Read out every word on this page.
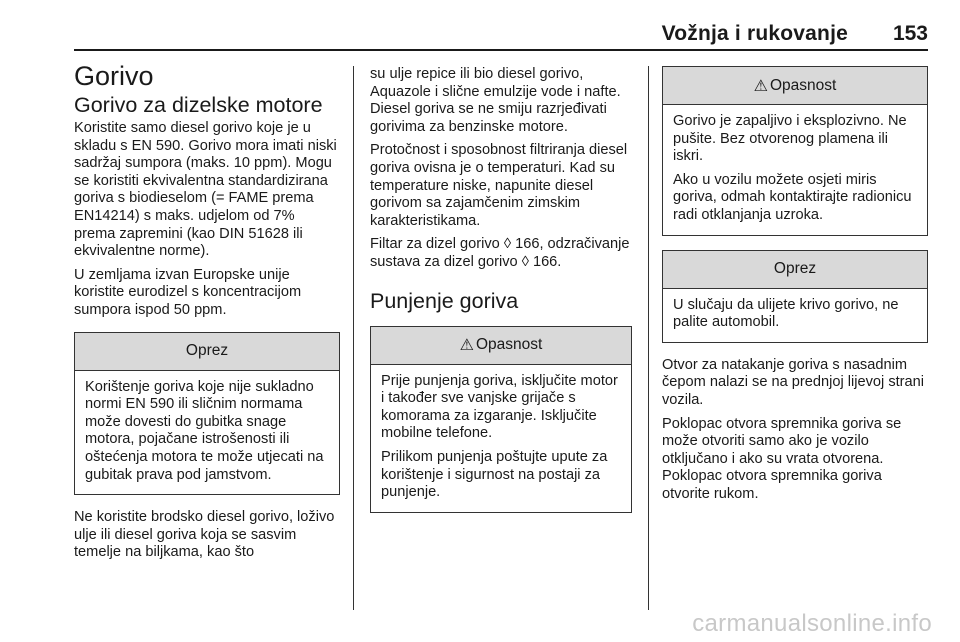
Vožnja i rukovanje 153
Gorivo
Gorivo za dizelske motore

Koristite samo diesel gorivo koje je u skladu s EN 590. Gorivo mora imati niski sadržaj sumpora (maks. 10 ppm). Mogu se koristiti ekvivalentna standardizirana goriva s biodieselom (= FAME prema EN14214) s maks. udjelom od 7% prema zapremini (kao DIN 51628 ili ekvivalentne norme).

U zemljama izvan Europske unije koristite eurodizel s koncentracijom sumpora ispod 50 ppm.

Oprez

Korištenje goriva koje nije sukladno normi EN 590 ili sličnim normama može dovesti do gubitka snage motora, pojačane istrošenosti ili oštećenja motora te može utjecati na gubitak prava pod jamstvom.

Ne koristite brodsko diesel gorivo, loživo ulje ili diesel goriva koja se sasvim temelje na biljkama, kao što

su ulje repice ili bio diesel gorivo, Aquazole i slične emulzije vode i nafte. Diesel goriva se ne smiju razrjeđivati gorivima za benzinske motore.

Protočnost i sposobnost filtriranja diesel goriva ovisna je o temperaturi. Kad su temperature niske, napunite diesel gorivom sa zajamčenim zimskim karakteristikama.

Filtar za dizel gorivo ◊ 166, odzračivanje sustava za dizel gorivo ◊ 166.

Punjenje goriva
⚠ Opasnost

Prije punjenja goriva, isključite motor i također sve vanjske grijače s komorama za izgaranje. Isključite mobilne telefone.

Prilikom punjenja poštujte upute za korištenje i sigurnost na postaji za punjenje.

⚠ Opasnost

Gorivo je zapaljivo i eksplozivno. Ne pušite. Bez otvorenog plamena ili iskri.

Ako u vozilu možete osjeti miris goriva, odmah kontaktirajte radionicu radi otklanjanja uzroka.

Oprez

U slučaju da ulijete krivo gorivo, ne palite automobil.

Otvor za natakanje goriva s nasadnim čepom nalazi se na prednjoj lijevoj strani vozila.

Poklopac otvora spremnika goriva se može otvoriti samo ako je vozilo otključano i ako su vrata otvorena. Poklopac otvora spremnika goriva otvorite rukom.

carmanualsonline.info
